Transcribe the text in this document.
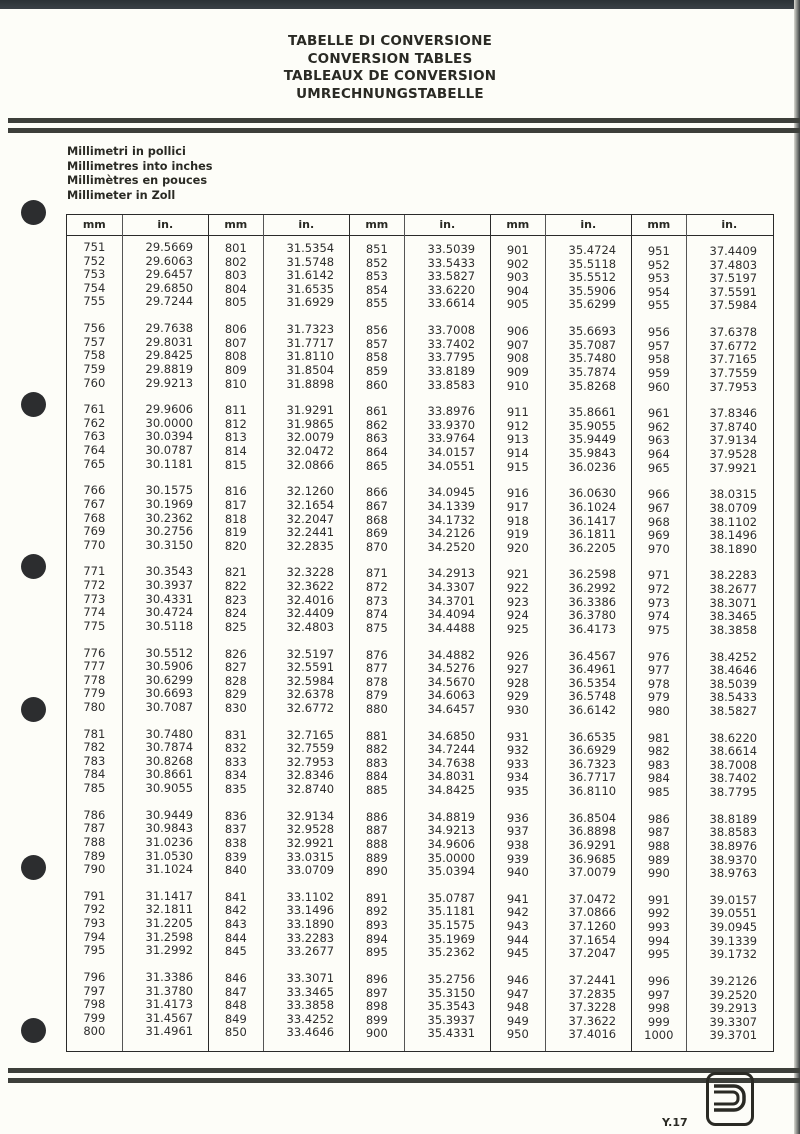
TABELLE DI CONVERSIONE
CONVERSION TABLES
TABLEAUX DE CONVERSION
UMRECHNUNGSTABELLE
Millimetri in pollici
Millimetres into inches
Millimètres en pouces
Millimeter in Zoll
mm
751
752
753
754
755
756
757
758
759
760
761
762
763
764
765
766
767
768
769
770
771
772
773
774
775
776
777
778
779
780
781
782
783
784
785
786
787
788
789
790
791
792
793
794
795
796
797
798
799
800
in.
29.5669
29.6063
29.6457
29.6850
29.7244
29.7638
29.8031
29.8425
29.8819
29.9213
29.9606
30.0000
30.0394
30.0787
30.1181
30.1575
30.1969
30.2362
30.2756
30.3150
30.3543
30.3937
30.4331
30.4724
30.5118
30.5512
30.5906
30.6299
30.6693
30.7087
30.7480
30.7874
30.8268
30.8661
30.9055
30.9449
30.9843
31.0236
31.0530
31.1024
31.1417
32.1811
31.2205
31.2598
31.2992
31.3386
31.3780
31.4173
31.4567
31.4961
mm
801
802
803
804
805
806
807
808
809
810
811
812
813
814
815
816
817
818
819
820
821
822
823
824
825
826
827
828
829
830
831
832
833
834
835
836
837
838
839
840
841
842
843
844
845
846
847
848
849
850
in.
31.5354
31.5748
31.6142
31.6535
31.6929
31.7323
31.7717
31.8110
31.8504
31.8898
31.9291
31.9865
32.0079
32.0472
32.0866
32.1260
32.1654
32.2047
32.2441
32.2835
32.3228
32.3622
32.4016
32.4409
32.4803
32.5197
32.5591
32.5984
32.6378
32.6772
32.7165
32.7559
32.7953
32.8346
32.8740
32.9134
32.9528
32.9921
33.0315
33.0709
33.1102
33.1496
33.1890
33.2283
33.2677
33.3071
33.3465
33.3858
33.4252
33.4646
mm
851
852
853
854
855
856
857
858
859
860
861
862
863
864
865
866
867
868
869
870
871
872
873
874
875
876
877
878
879
880
881
882
883
884
885
886
887
888
889
890
891
892
893
894
895
896
897
898
899
900
in.
33.5039
33.5433
33.5827
33.6220
33.6614
33.7008
33.7402
33.7795
33.8189
33.8583
33.8976
33.9370
33.9764
34.0157
34.0551
34.0945
34.1339
34.1732
34.2126
34.2520
34.2913
34.3307
34.3701
34.4094
34.4488
34.4882
34.5276
34.5670
34.6063
34.6457
34.6850
34.7244
34.7638
34.8031
34.8425
34.8819
34.9213
34.9606
35.0000
35.0394
35.0787
35.1181
35.1575
35.1969
35.2362
35.2756
35.3150
35.3543
35.3937
35.4331
mm
901
902
903
904
905
906
907
908
909
910
911
912
913
914
915
916
917
918
919
920
921
922
923
924
925
926
927
928
929
930
931
932
933
934
935
936
937
938
939
940
941
942
943
944
945
946
947
948
949
950
in.
35.4724
35.5118
35.5512
35.5906
35.6299
35.6693
35.7087
35.7480
35.7874
35.8268
35.8661
35.9055
35.9449
35.9843
36.0236
36.0630
36.1024
36.1417
36.1811
36.2205
36.2598
36.2992
36.3386
36.3780
36.4173
36.4567
36.4961
36.5354
36.5748
36.6142
36.6535
36.6929
36.7323
36.7717
36.8110
36.8504
36.8898
36.9291
36.9685
37.0079
37.0472
37.0866
37.1260
37.1654
37.2047
37.2441
37.2835
37.3228
37.3622
37.4016
mm
951
952
953
954
955
956
957
958
959
960
961
962
963
964
965
966
967
968
969
970
971
972
973
974
975
976
977
978
979
980
981
982
983
984
985
986
987
988
989
990
991
992
993
994
995
996
997
998
999
1000
in.
37.4409
37.4803
37.5197
37.5591
37.5984
37.6378
37.6772
37.7165
37.7559
37.7953
37.8346
37.8740
37.9134
37.9528
37.9921
38.0315
38.0709
38.1102
38.1496
38.1890
38.2283
38.2677
38.3071
38.3465
38.3858
38.4252
38.4646
38.5039
38.5433
38.5827
38.6220
38.6614
38.7008
38.7402
38.7795
38.8189
38.8583
38.8976
38.9370
38.9763
39.0157
39.0551
39.0945
39.1339
39.1732
39.2126
39.2520
39.2913
39.3307
39.3701
Y.17
